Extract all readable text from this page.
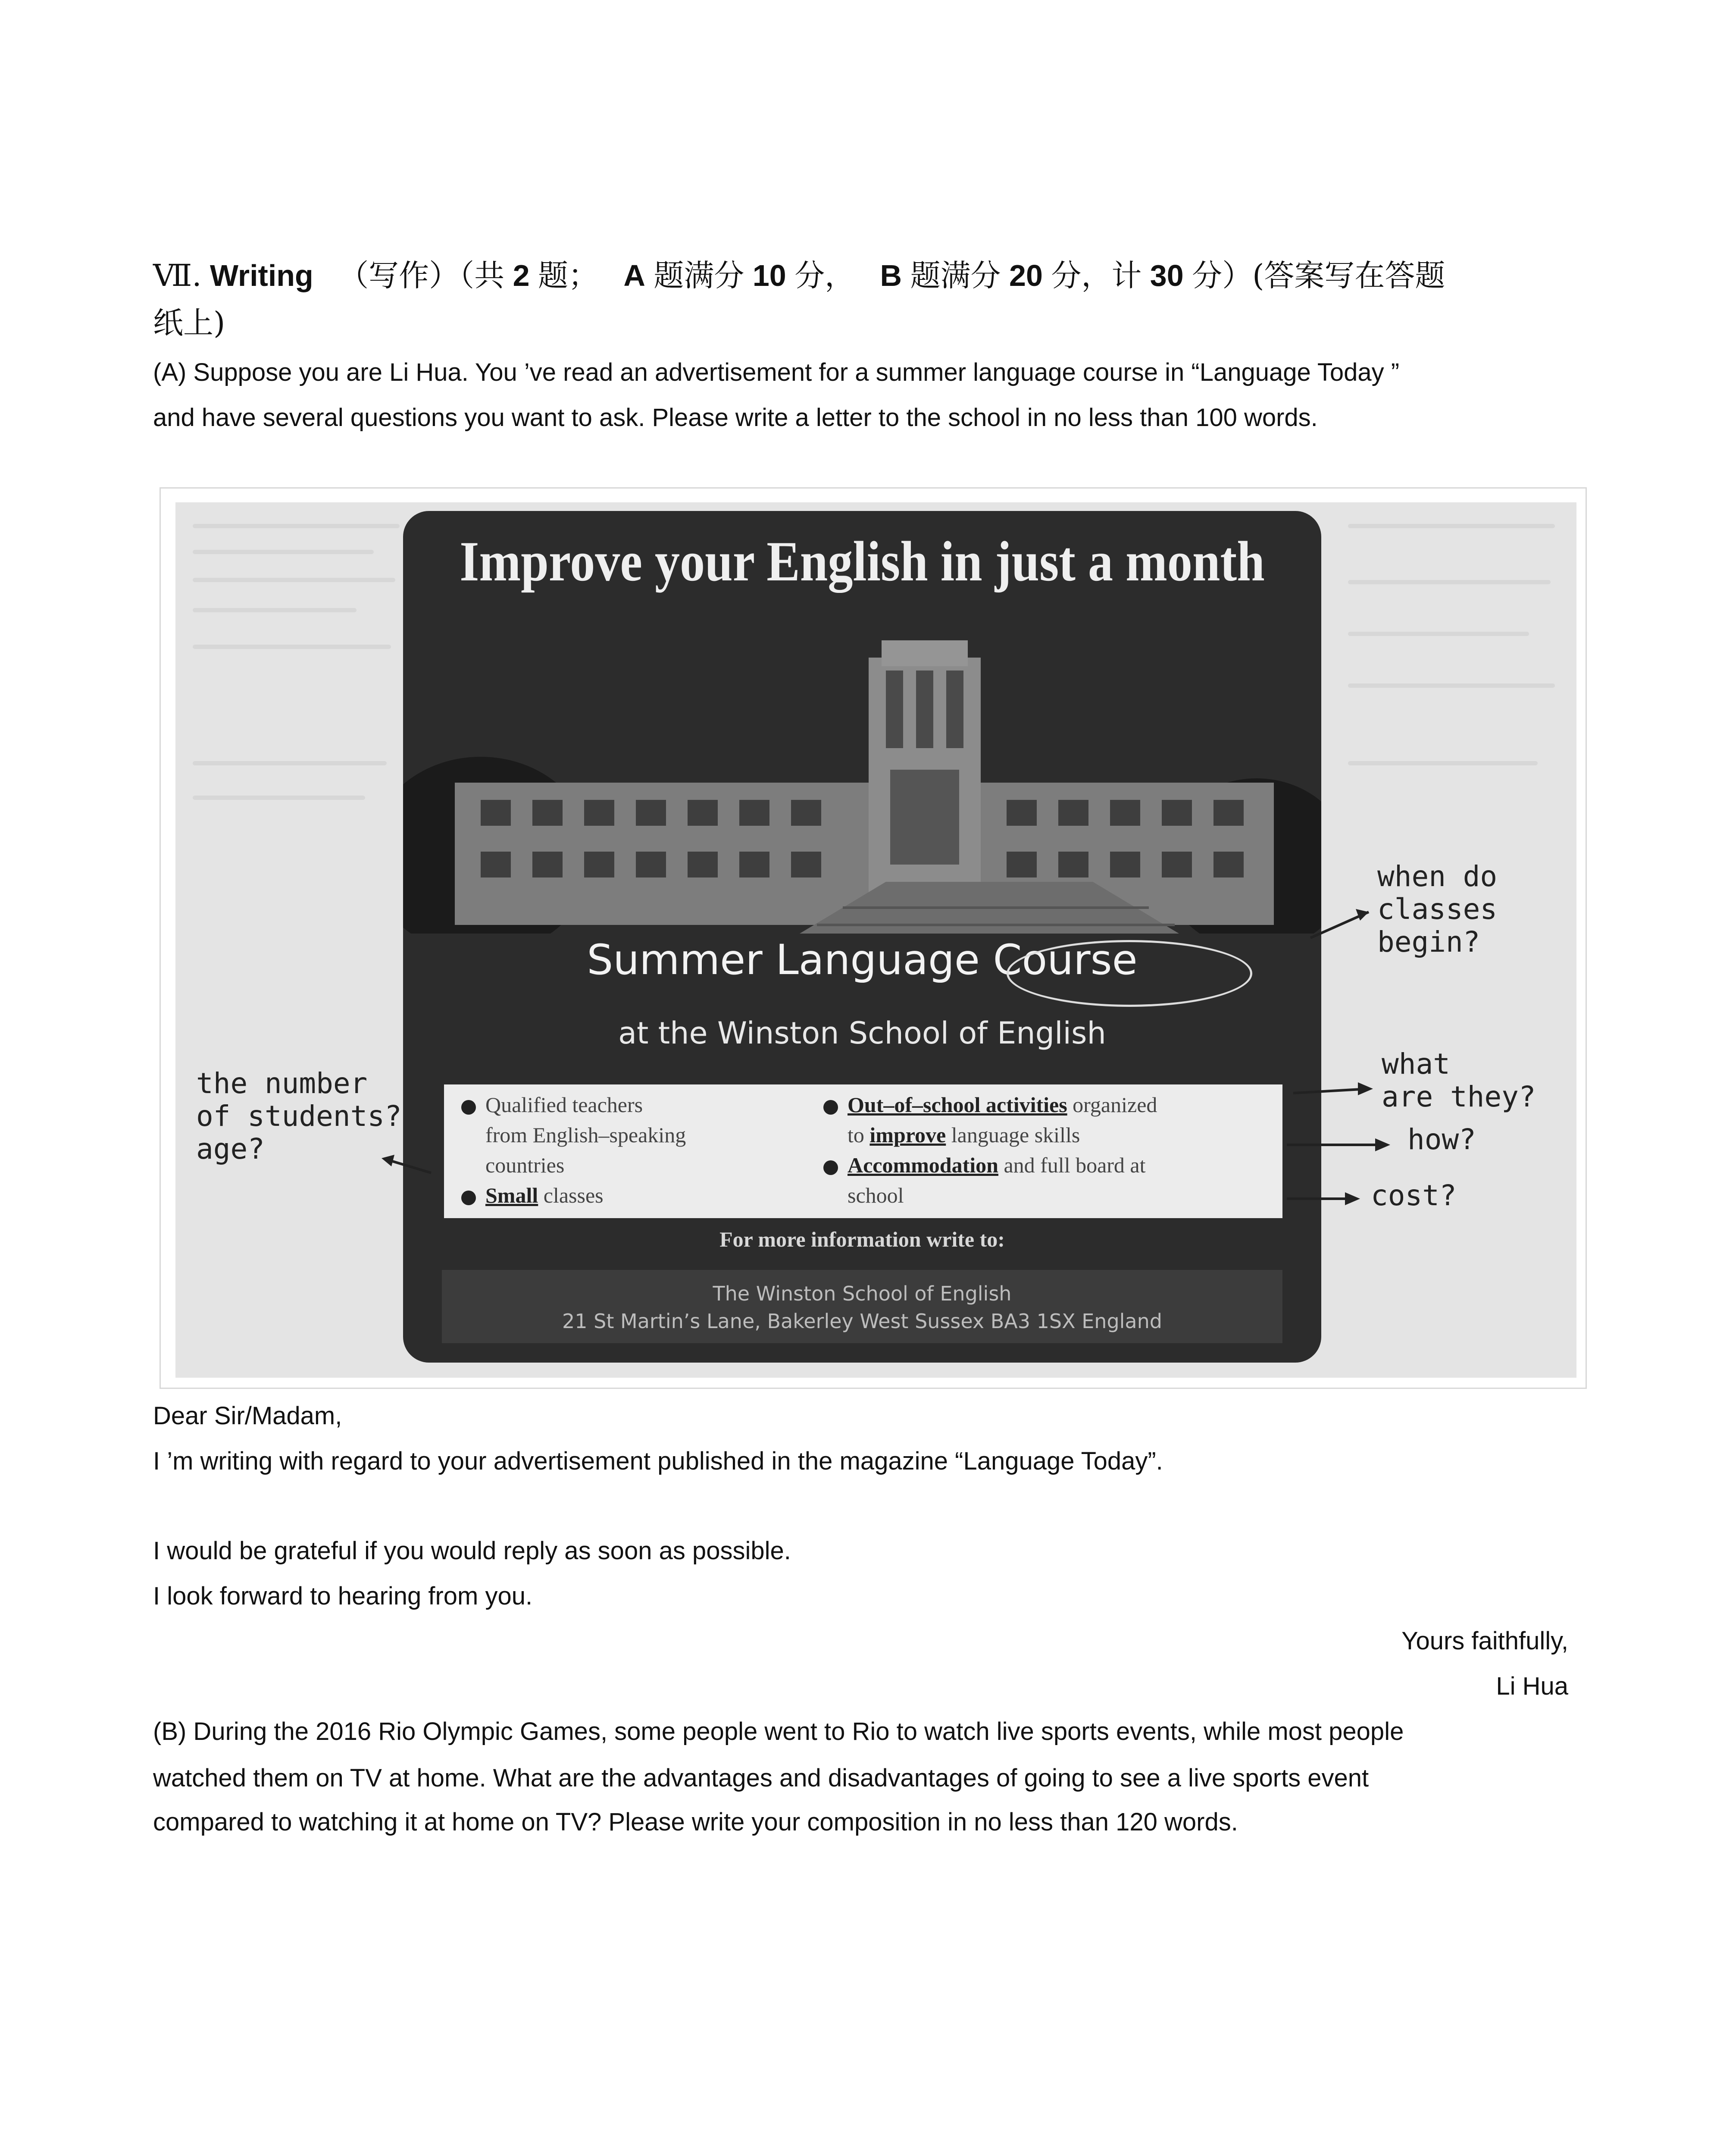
Ⅶ. Writing （写作）（共 2 题； A 题满分 10 分， B 题满分 20 分，计 30 分）(答案写在答题
纸上)
(A) Suppose you are Li Hua. You ’ve read an advertisement for a summer language course in “Language Today ”
and have several questions you want to ask. Please write a letter to the school in no less than 100 words.
Improve your English in just a month
Summer Language Course
at the Winston School of English
Qualified teachers
from English–speaking
countries
Small classes
Out–of–school activities organized
to improve language skills
Accommodation and full board at
school
For more information write to:
The Winston School of English
21 St Martin’s Lane, Bakerley West Sussex BA3 1SX England
the number
of students?
age?
when do
classes
begin?
what
are they?
how?
cost?
Dear Sir/Madam,
I ’m writing with regard to your advertisement published in the magazine “Language Today”.
I would be grateful if you would reply as soon as possible.
I look forward to hearing from you.
Yours faithfully,
Li Hua
(B) During the 2016 Rio Olympic Games, some people went to Rio to watch live sports events, while most people
watched them on TV at home. What are the advantages and disadvantages of going to see a live sports event
compared to watching it at home on TV? Please write your composition in no less than 120 words.
